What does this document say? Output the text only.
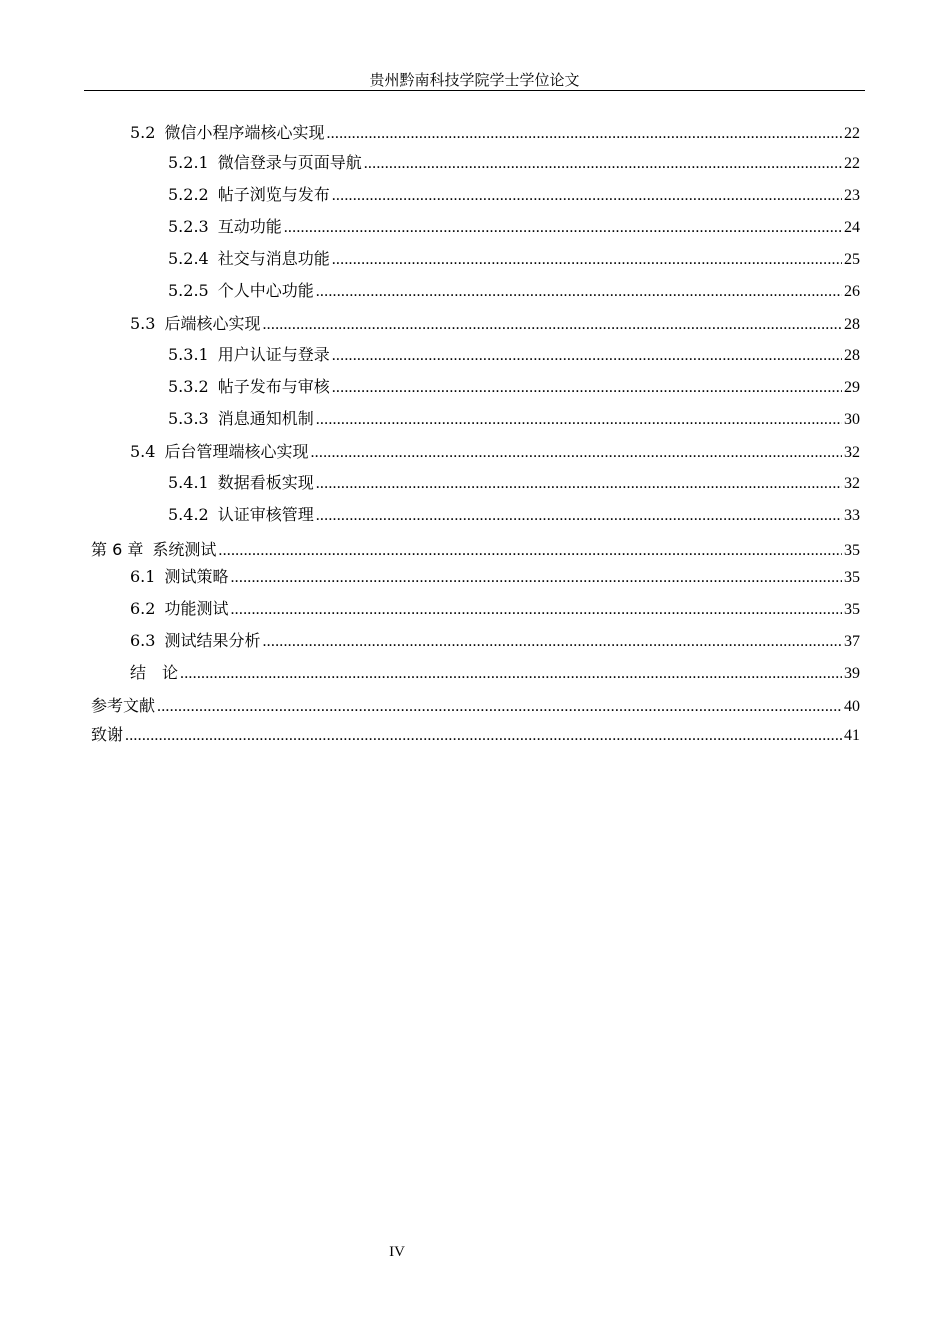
贵州黔南科技学院学士学位论文
5.2 微信小程序端核心实现 .....	22
5.2.1 微信登录与页面导航 .....	22
5.2.2 帖子浏览与发布 .....	23
5.2.3 互动功能 .....	24
5.2.4 社交与消息功能 .....	25
5.2.5 个人中心功能 .....	26
5.3 后端核心实现 .....	28
5.3.1 用户认证与登录 .....	28
5.3.2 帖子发布与审核 .....	29
5.3.3 消息通知机制 .....	30
5.4 后台管理端核心实现 .....	32
5.4.1 数据看板实现 .....	32
5.4.2 认证审核管理 .....	33
第 6 章 系统测试 .....	35
6.1 测试策略 .....	35
6.2 功能测试 .....	35
6.3 测试结果分析 .....	37
结　论 .....	39
参考文献 .....	40
致谢 .....	41
IV
